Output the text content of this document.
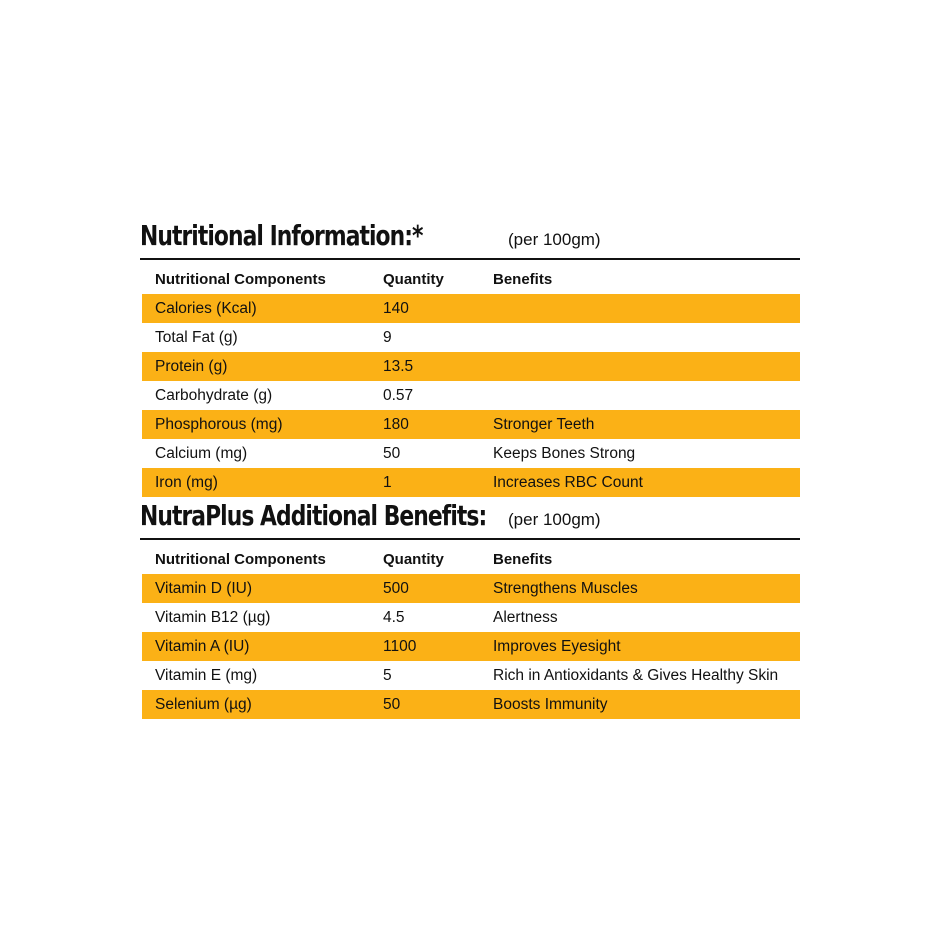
Nutritional Information:*	(per 100gm)
Nutritional Components	Quantity	Benefits
Calories (Kcal)	140	
Total Fat (g)	9	
Protein (g)	13.5	
Carbohydrate (g)	0.57	
Phosphorous (mg)	180	Stronger Teeth
Calcium (mg)	50	Keeps Bones Strong
Iron (mg)	1	Increases RBC Count
NutraPlus Additional Benefits: (per 100gm)
Nutritional Components	Quantity	Benefits
Vitamin D (IU)	500	Strengthens Muscles
Vitamin B12 (µg)	4.5	Alertness
Vitamin A (IU)	1100	Improves Eyesight
Vitamin E (mg)	5	Rich in Antioxidants & Gives Healthy Skin
Selenium (µg)	50	Boosts Immunity
